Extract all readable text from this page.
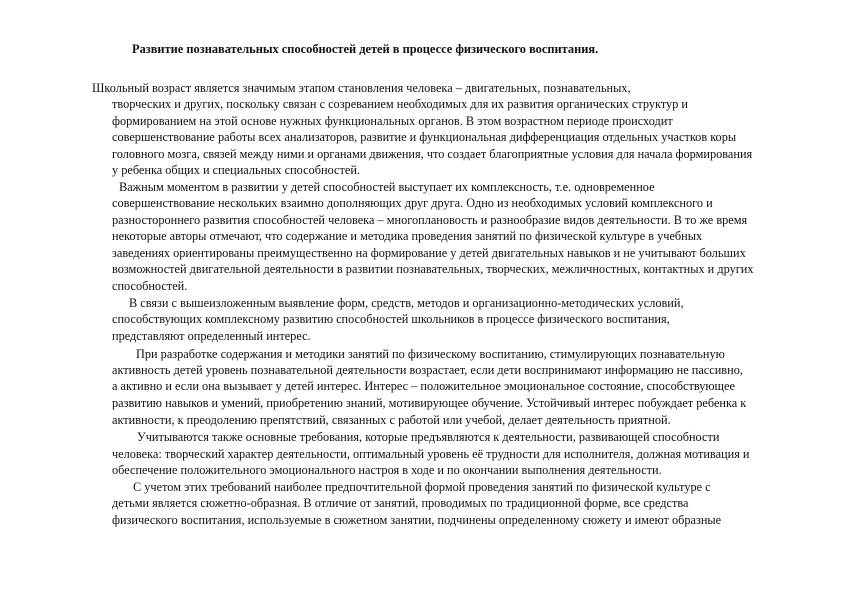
Развитие познавательных способностей детей в процессе физического воспитания.
Школьный возраст является значимым этапом становления человека – двигательных, познавательных,
творческих и других, поскольку связан с созреванием необходимых для их развития органических структур и
формированием на этой основе нужных функциональных органов. В этом возрастном периоде происходит
совершенствование работы всех анализаторов, развитие и функциональная дифференциация отдельных участков коры
головного мозга, связей между ними и органами движения, что создает благоприятные условия для начала формирования
у ребенка общих и специальных способностей.
Важным моментом в развитии у детей способностей выступает их комплексность, т.е. одновременное
совершенствование нескольких взаимно дополняющих друг друга. Одно из необходимых условий комплексного и
разностороннего развития способностей человека – многоплановость и разнообразие видов деятельности. В то же время
некоторые авторы отмечают, что содержание и методика проведения занятий по физической культуре в учебных
заведениях ориентированы преимущественно на формирование у детей двигательных навыков и не учитывают больших
возможностей двигательной деятельности в развитии познавательных, творческих, межличностных, контактных и других
способностей.
В связи с вышеизложенным выявление форм, средств, методов и организационно-методических условий,
способствующих комплексному развитию способностей школьников в процессе физического воспитания,
представляют определенный интерес.
При разработке содержания и методики занятий по физическому воспитанию, стимулирующих познавательную
активность детей уровень познавательной деятельности возрастает, если дети воспринимают информацию не пассивно,
а активно и если она вызывает у детей интерес. Интерес – положительное эмоциональное состояние, способствующее
развитию навыков и умений, приобретению знаний, мотивирующее обучение. Устойчивый интерес побуждает ребенка к
активности, к преодолению препятствий, связанных с работой или учебой, делает деятельность приятной.
Учитываются также основные требования, которые предъявляются к деятельности, развивающей способности
человека: творческий характер деятельности, оптимальный уровень её трудности для исполнителя, должная мотивация и
обеспечение положительного эмоционального настроя в ходе и по окончании выполнения деятельности.
С учетом этих требований наиболее предпочтительной формой проведения занятий по физической культуре с
детьми является сюжетно-образная. В отличие от занятий, проводимых по традиционной форме, все средства
физического воспитания, используемые в сюжетном занятии, подчинены определенному сюжету и имеют образные
